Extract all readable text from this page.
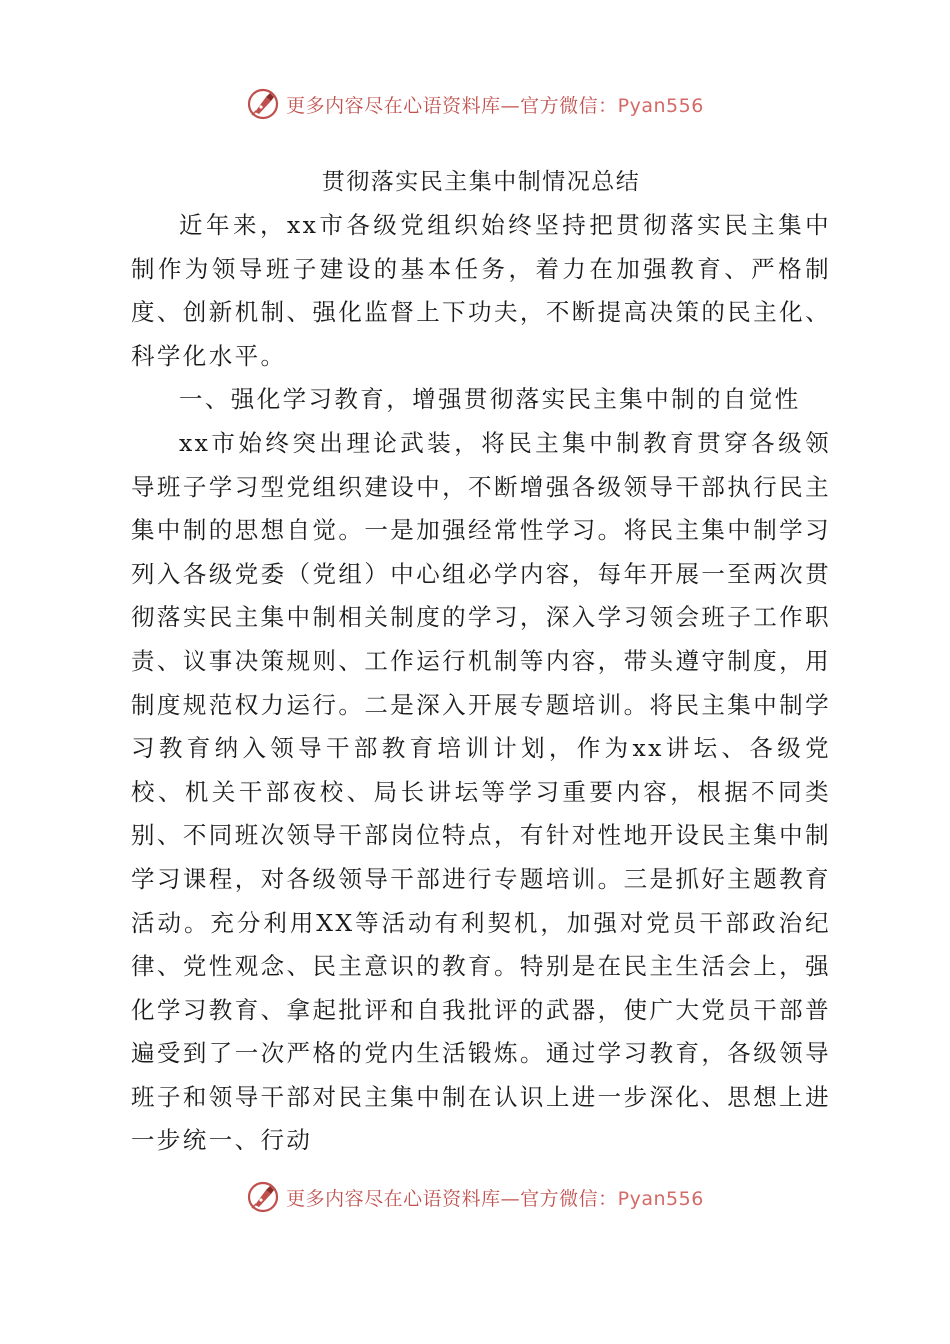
更多内容尽在心语资料库—官方微信：Pyan556
贯彻落实民主集中制情况总结

近年来，xx市各级党组织始终坚持把贯彻落实民主集中制作为领导班子建设的基本任务，着力在加强教育、严格制度、创新机制、强化监督上下功夫，不断提高决策的民主化、科学化水平。

一、强化学习教育，增强贯彻落实民主集中制的自觉性

xx市始终突出理论武装，将民主集中制教育贯穿各级领导班子学习型党组织建设中，不断增强各级领导干部执行民主集中制的思想自觉。一是加强经常性学习。将民主集中制学习列入各级党委（党组）中心组必学内容，每年开展一至两次贯彻落实民主集中制相关制度的学习，深入学习领会班子工作职责、议事决策规则、工作运行机制等内容，带头遵守制度，用制度规范权力运行。二是深入开展专题培训。将民主集中制学习教育纳入领导干部教育培训计划，作为xx讲坛、各级党校、机关干部夜校、局长讲坛等学习重要内容，根据不同类别、不同班次领导干部岗位特点，有针对性地开设民主集中制学习课程，对各级领导干部进行专题培训。三是抓好主题教育活动。充分利用XX等活动有利契机，加强对党员干部政治纪律、党性观念、民主意识的教育。特别是在民主生活会上，强化学习教育、拿起批评和自我批评的武器，使广大党员干部普遍受到了一次严格的党内生活锻炼。通过学习教育，各级领导班子和领导干部对民主集中制在认识上进一步深化、思想上进一步统一、行动

更多内容尽在心语资料库—官方微信：Pyan556
